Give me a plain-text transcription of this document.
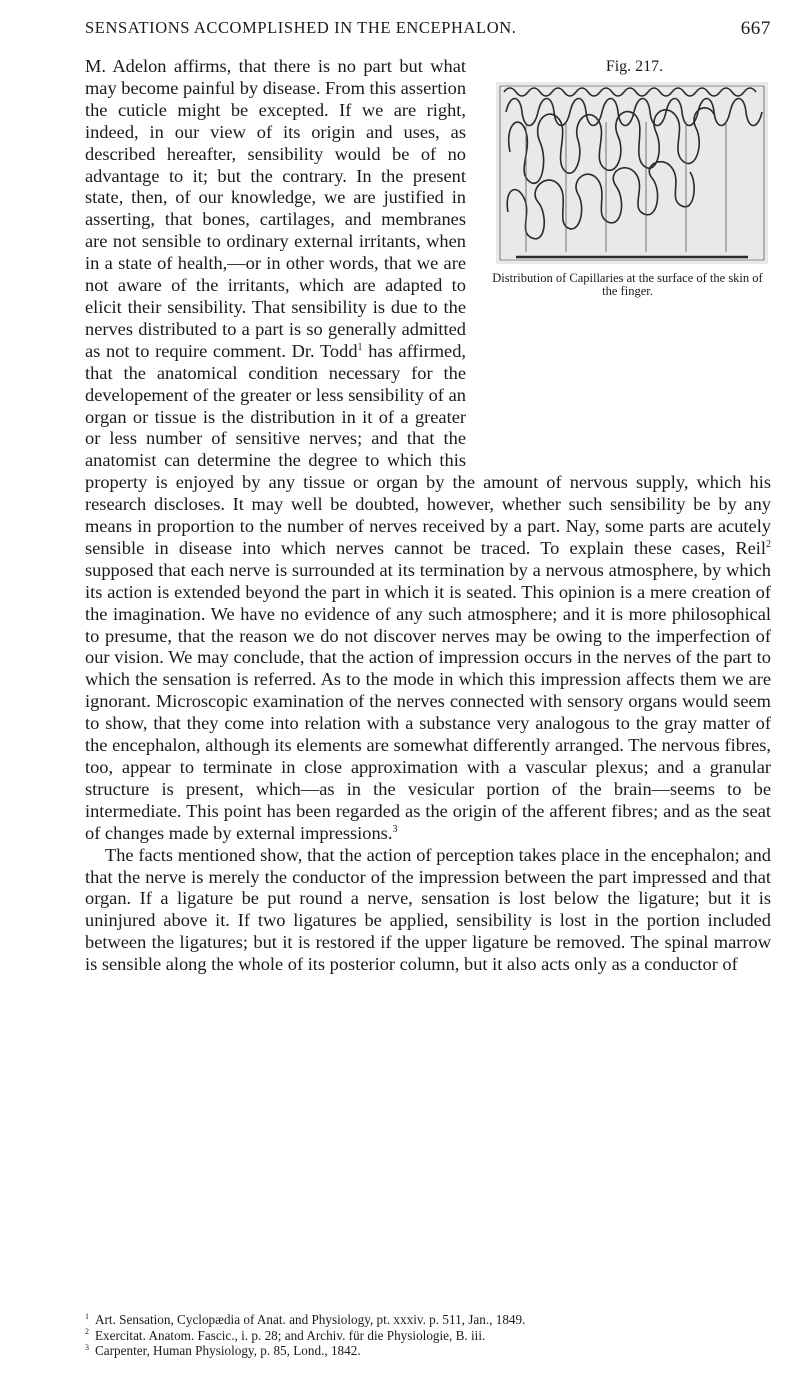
SENSATIONS ACCOMPLISHED IN THE ENCEPHALON.	667

Fig. 217.
Distribution of Capillaries at the surface of the skin of the finger.
M. Adelon affirms, that there is no part but what may become painful by disease. From this assertion the cuticle might be excepted. If we are right, indeed, in our view of its origin and uses, as described hereafter, sensibility would be of no advantage to it; but the contrary. In the present state, then, of our knowledge, we are justified in asserting, that bones, cartilages, and membranes are not sensible to ordinary external irritants, when in a state of health,—or in other words, that we are not aware of the irritants, which are adapted to elicit their sensibility. That sensibility is due to the nerves distributed to a part is so generally admitted as not to require comment. Dr. Todd$^1$ has affirmed, that the anatomical condition necessary for the developement of the greater or less sensibility of an organ or tissue is the distribution in it of a greater or less number of sensitive nerves; and that the anatomist can determine the degree to which this property is enjoyed by any tissue or organ by the amount of nervous supply, which his research discloses. It may well be doubted, however, whether such sensibility be by any means in proportion to the number of nerves received by a part. Nay, some parts are acutely sensible in disease into which nerves cannot be traced. To explain these cases, Reil$^2$ supposed that each nerve is surrounded at its termination by a nervous atmosphere, by which its action is extended beyond the part in which it is seated. This opinion is a mere creation of the imagination. We have no evidence of any such atmosphere; and it is more philosophical to presume, that the reason we do not discover nerves may be owing to the imperfection of our vision. We may conclude, that the action of impression occurs in the nerves of the part to which the sensation is referred. As to the mode in which this impression affects them we are ignorant. Microscopic examination of the nerves connected with sensory organs would seem to show, that they come into relation with a substance very analogous to the gray matter of the encephalon, although its elements are somewhat differently arranged. The nervous fibres, too, appear to terminate in close approximation with a vascular plexus; and a granular structure is present, which—as in the vesicular portion of the brain—seems to be intermediate. This point has been regarded as the origin of the afferent fibres; and as the seat of changes made by external impressions.$^3$

The facts mentioned show, that the action of perception takes place in the encephalon; and that the nerve is merely the conductor of the impression between the part impressed and that organ. If a ligature be put round a nerve, sensation is lost below the ligature; but it is uninjured above it. If two ligatures be applied, sensibility is lost in the portion included between the ligatures; but it is restored if the upper ligature be removed. The spinal marrow is sensible along the whole of its posterior column, but it also acts only as a conductor of

$^1$ Art. Sensation, Cyclopædia of Anat. and Physiology, pt. xxxiv. p. 511, Jan., 1849.

$^2$ Exercitat. Anatom. Fascic., i. p. 28; and Archiv. für die Physiologie, B. iii.

$^3$ Carpenter, Human Physiology, p. 85, Lond., 1842.
